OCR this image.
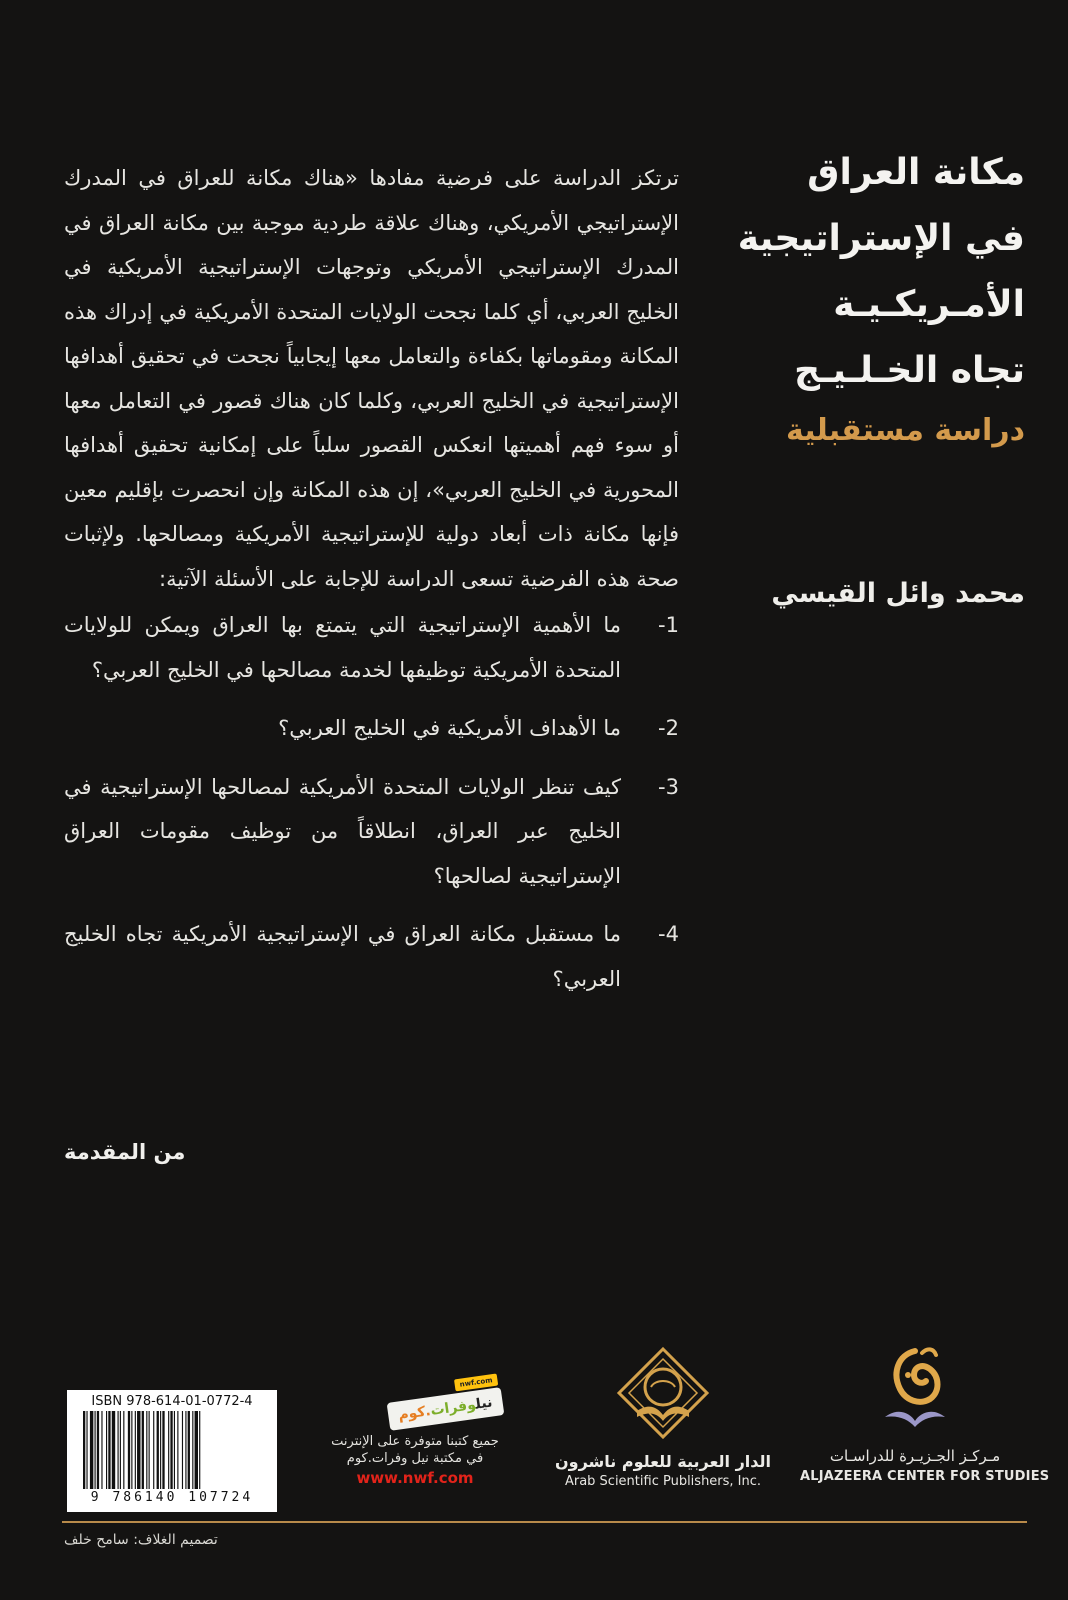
مكانة العراق
في الإستراتيجية
الأمـريكـيـة
تجاه الخـلـيـج
دراسة مستقبلية
محمد وائل القيسي

ترتكز الدراسة على فرضية مفادها «هناك مكانة للعراق في المدرك الإستراتيجي الأمريكي، وهناك علاقة طردية موجبة بين مكانة العراق في المدرك الإستراتيجي الأمريكي وتوجهات الإستراتيجية الأمريكية في الخليج العربي، أي كلما نجحت الولايات المتحدة الأمريكية في إدراك هذه المكانة ومقوماتها بكفاءة والتعامل معها إيجابياً نجحت في تحقيق أهدافها الإستراتيجية في الخليج العربي، وكلما كان هناك قصور في التعامل معها أو سوء فهم أهميتها انعكس القصور سلباً على إمكانية تحقيق أهدافها المحورية في الخليج العربي»، إن هذه المكانة وإن انحصرت بإقليم معين فإنها مكانة ذات أبعاد دولية للإستراتيجية الأمريكية ومصالحها. ولإثبات صحة هذه الفرضية تسعى الدراسة للإجابة على الأسئلة الآتية:

1-
ما الأهمية الإستراتيجية التي يتمتع بها العراق ويمكن للولايات المتحدة الأمريكية توظيفها لخدمة مصالحها في الخليج العربي؟
2-
ما الأهداف الأمريكية في الخليج العربي؟
3-
كيف تنظر الولايات المتحدة الأمريكية لمصالحها الإستراتيجية في الخليج عبر العراق، انطلاقاً من توظيف مقومات العراق الإستراتيجية لصالحها؟
4-
ما مستقبل مكانة العراق في الإستراتيجية الأمريكية تجاه الخليج العربي؟
من المقدمة
مـركـز الجـزيـرة للدراسـات
ALJAZEERA CENTER FOR STUDIES
الدار العربية للعلوم ناشرون
Arab Scientific Publishers, Inc.
nwf.com
نيلوفرات.كوم
جميع كتبنا متوفرة على الإنترنت
في مكتبة نيل وفرات.كوم
www.nwf.com
ISBN 978-614-01-0772-4
9 786140 107724
تصميم الغلاف: سامح خلف
